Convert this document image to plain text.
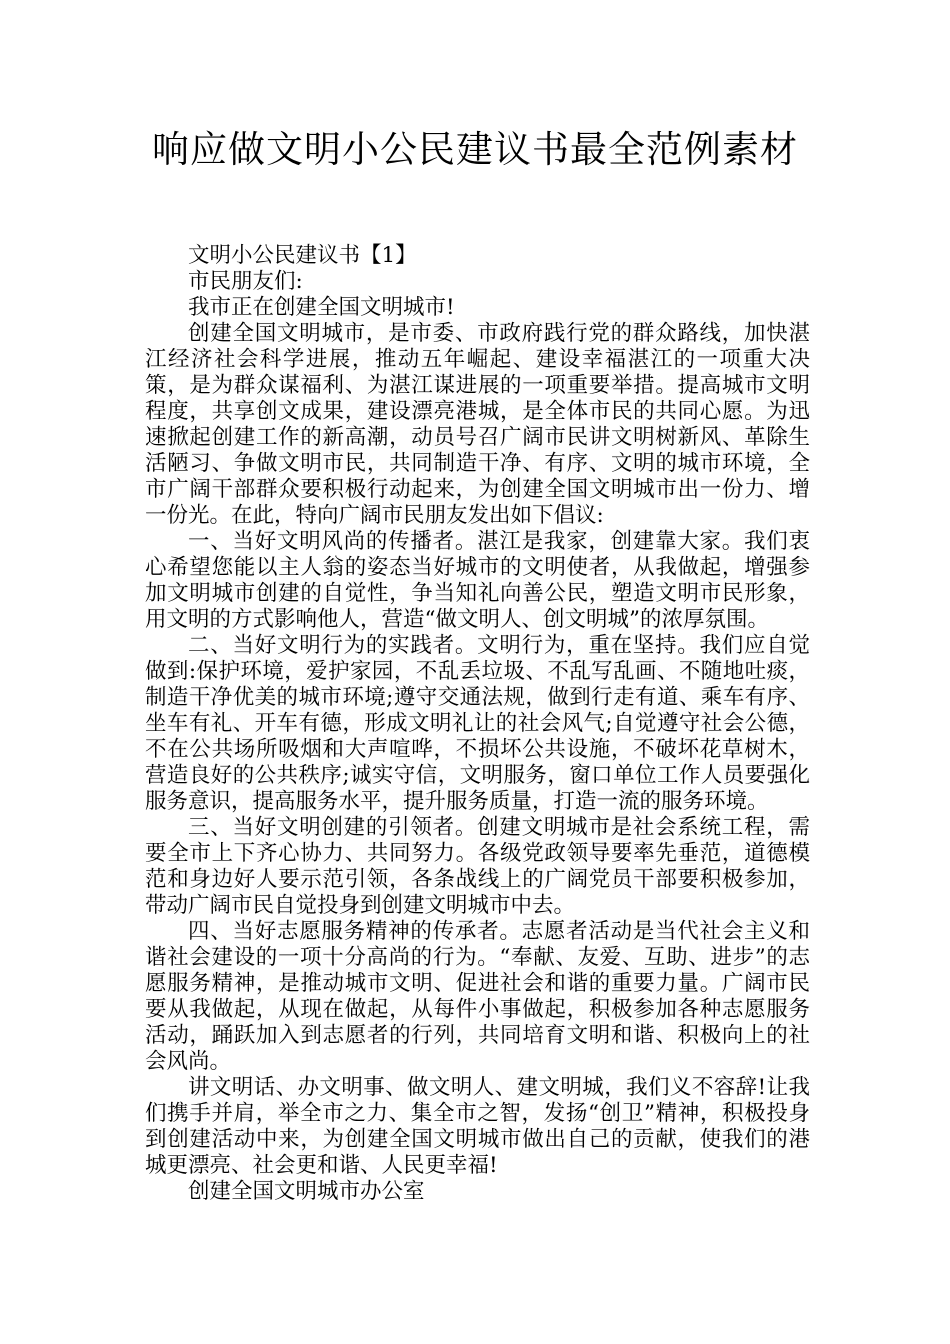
响应做文明小公民建议书最全范例素材

文明小公民建议书【1】

市民朋友们:

我市正在创建全国文明城市!

创建全国文明城市，是市委、市政府践行党的群众路线，加快湛江经济社会科学进展，推动五年崛起、建设幸福湛江的一项重大决策，是为群众谋福利、为湛江谋进展的一项重要举措。提高城市文明程度，共享创文成果，建设漂亮港城，是全体市民的共同心愿。为迅速掀起创建工作的新高潮，动员号召广阔市民讲文明树新风、革除生活陋习、争做文明市民，共同制造干净、有序、文明的城市环境，全市广阔干部群众要积极行动起来，为创建全国文明城市出一份力、增一份光。在此，特向广阔市民朋友发出如下倡议:

一、当好文明风尚的传播者。湛江是我家，创建靠大家。我们衷心希望您能以主人翁的姿态当好城市的文明使者，从我做起，增强参加文明城市创建的自觉性，争当知礼向善公民，塑造文明市民形象，用文明的方式影响他人，营造“做文明人、创文明城”的浓厚氛围。

二、当好文明行为的实践者。文明行为，重在坚持。我们应自觉做到:保护环境，爱护家园，不乱丢垃圾、不乱写乱画、不随地吐痰，制造干净优美的城市环境;遵守交通法规，做到行走有道、乘车有序、坐车有礼、开车有德，形成文明礼让的社会风气;自觉遵守社会公德，不在公共场所吸烟和大声喧哗，不损坏公共设施，不破坏花草树木，营造良好的公共秩序;诚实守信，文明服务，窗口单位工作人员要强化服务意识，提高服务水平，提升服务质量，打造一流的服务环境。

三、当好文明创建的引领者。创建文明城市是社会系统工程，需要全市上下齐心协力、共同努力。各级党政领导要率先垂范，道德模范和身边好人要示范引领，各条战线上的广阔党员干部要积极参加，带动广阔市民自觉投身到创建文明城市中去。

四、当好志愿服务精神的传承者。志愿者活动是当代社会主义和谐社会建设的一项十分高尚的行为。“奉献、友爱、互助、进步”的志愿服务精神，是推动城市文明、促进社会和谐的重要力量。广阔市民要从我做起，从现在做起，从每件小事做起，积极参加各种志愿服务活动，踊跃加入到志愿者的行列，共同培育文明和谐、积极向上的社会风尚。

讲文明话、办文明事、做文明人、建文明城，我们义不容辞!让我们携手并肩，举全市之力、集全市之智，发扬“创卫”精神，积极投身到创建活动中来，为创建全国文明城市做出自己的贡献，使我们的港城更漂亮、社会更和谐、人民更幸福!

创建全国文明城市办公室
